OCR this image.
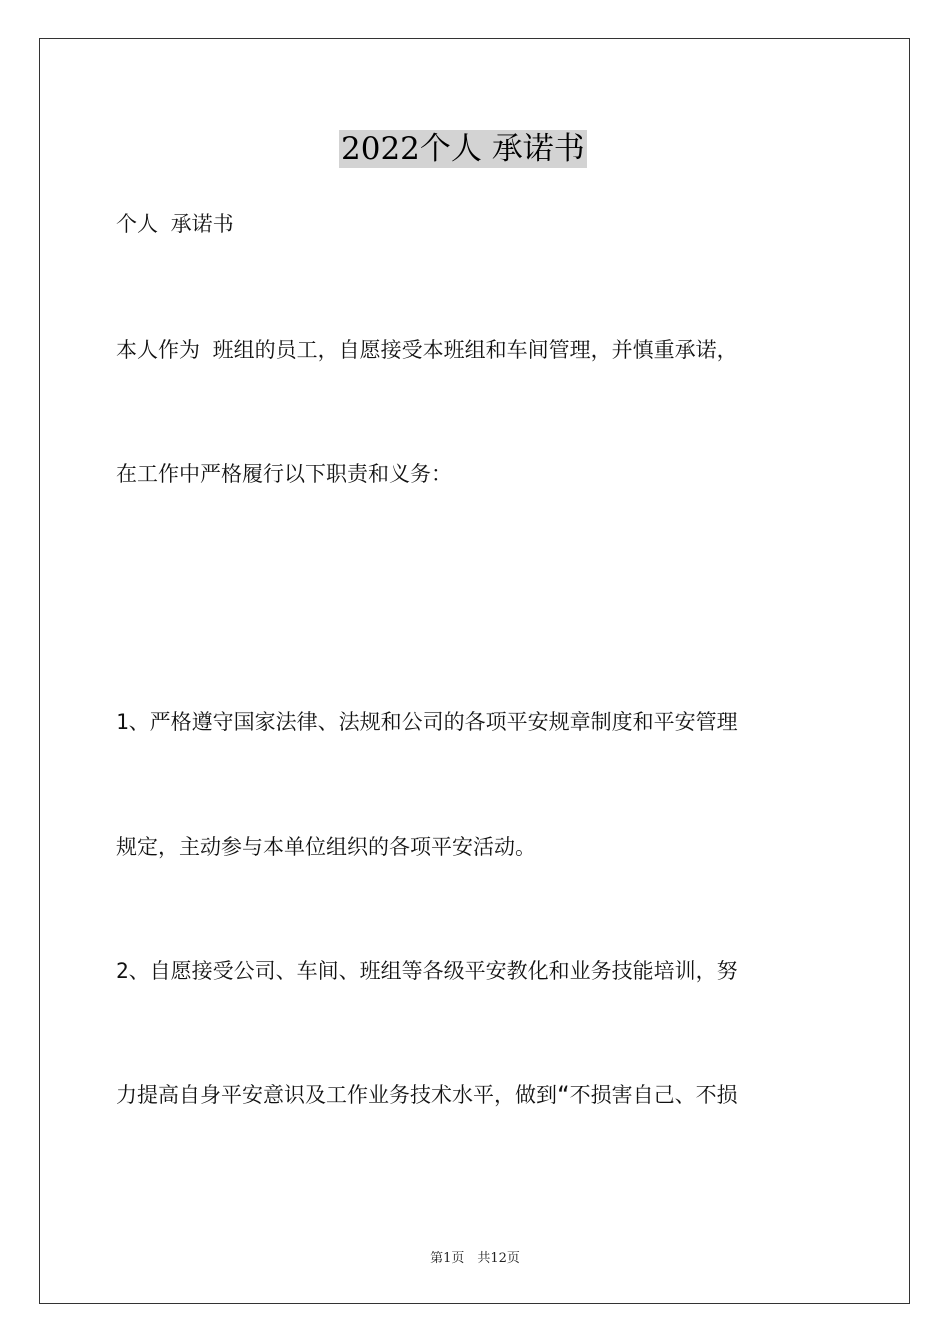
2022个人 承诺书
个人 承诺书
本人作为 班组的员工，自愿接受本班组和车间管理，并慎重承诺，
在工作中严格履行以下职责和义务：
1、严格遵守国家法律、法规和公司的各项平安规章制度和平安管理
规定，主动参与本单位组织的各项平安活动。
2、自愿接受公司、车间、班组等各级平安教化和业务技能培训，努
力提高自身平安意识及工作业务技术水平，做到“不损害自己、不损
第1页　共12页
